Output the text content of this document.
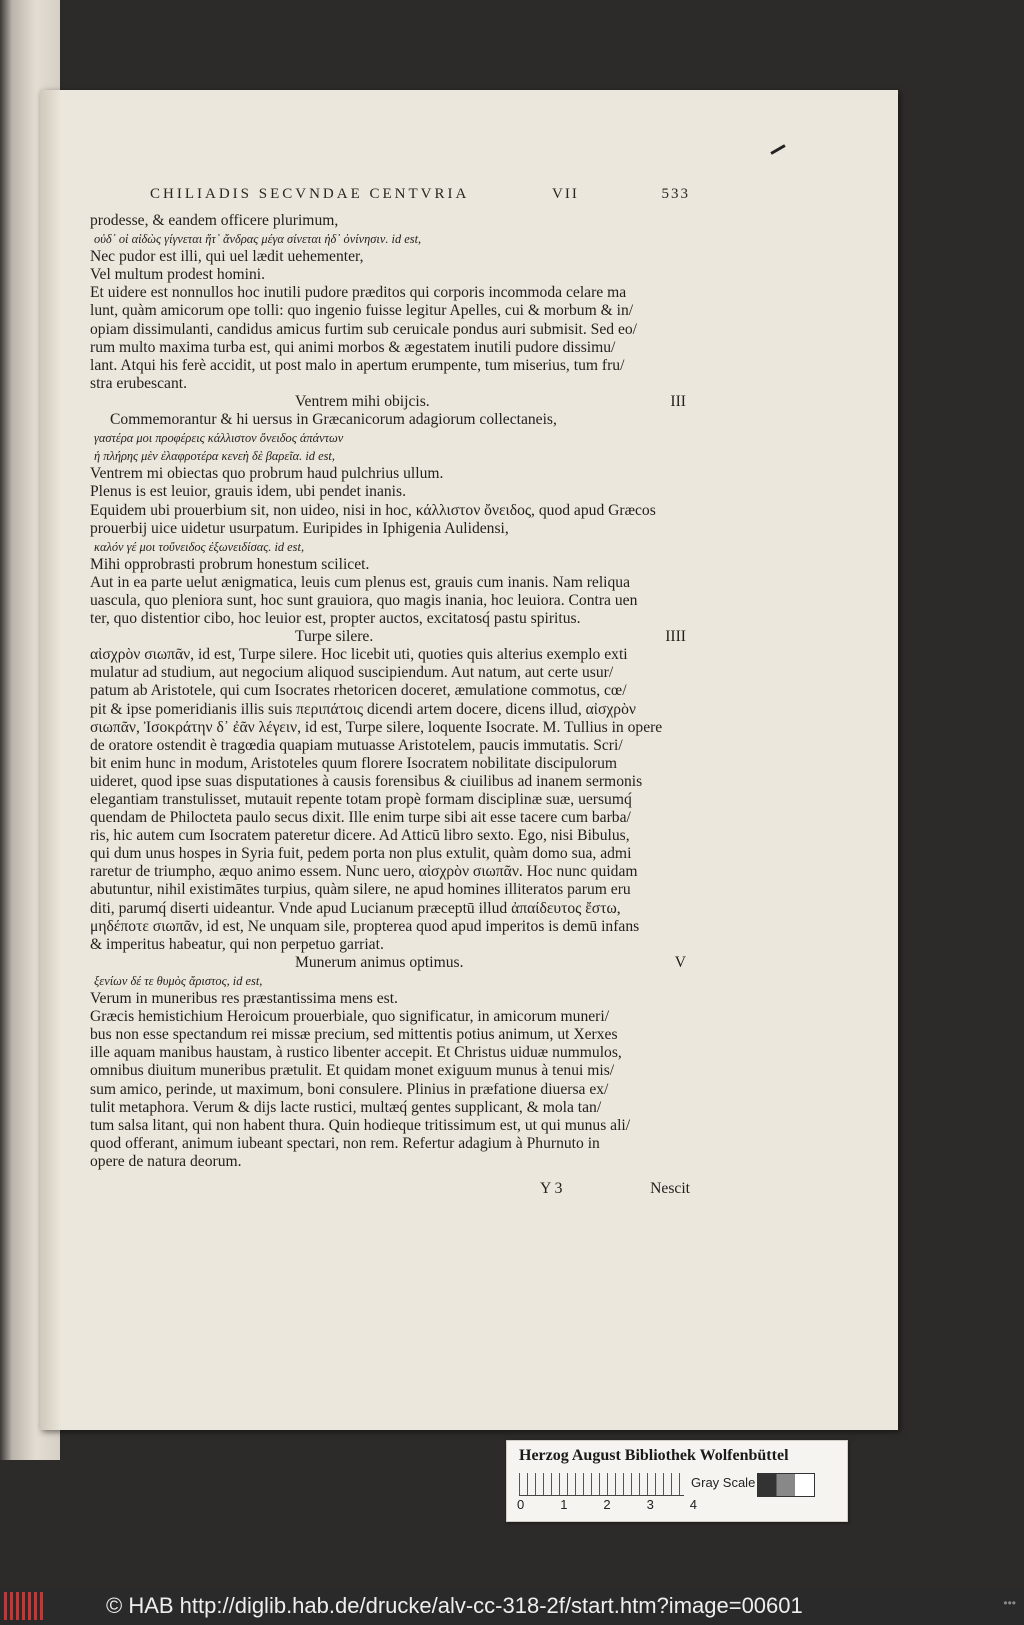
CHILIADIS SECVNDAE CENTVRIA	VII	533
prodesse, & eandem officere plurimum,
οὐδ᾽ οἱ αἰδὼς γίγνεται ἥτ᾽ ἄνδρας μέγα σίνεται ἠδ᾽ ὀνίνησιν. id est,
Nec pudor est illi, qui uel lædit uehementer,
Vel multum prodest homini.
Et uidere est nonnullos hoc inutili pudore præditos qui corporis incommoda celare ma
lunt, quàm amicorum ope tolli: quo ingenio fuisse legitur Apelles, cui & morbum & in/
opiam dissimulanti, candidus amicus furtim sub ceruicale pondus auri submisit. Sed eo/
rum multo maxima turba est, qui animi morbos & ægestatem inutili pudore dissimu/
lant. Atqui his ferè accidit, ut post malo in apertum erumpente, tum miserius, tum fru/
stra erubescant.
Ventrem mihi obijcis.	III
Commemorantur & hi uersus in Græcanicorum adagiorum collectaneis,
γαστέρα μοι προφέρεις κάλλιστον ὄνειδος ἁπάντων
ἡ πλήρης μὲν ἐλαφροτέρα κενεὴ δὲ βαρεῖα. id est,
Ventrem mi obiectas quo probrum haud pulchrius ullum.
Plenus is est leuior, grauis idem, ubi pendet inanis.
Equidem ubi prouerbium sit, non uideo, nisi in hoc, κάλλιστον ὄνειδος, quod apud Græcos
prouerbij uice uidetur usurpatum. Euripides in Iphigenia Aulidensi,
καλόν γέ μοι τοὔνειδος ἐξωνειδίσας. id est,
Mihi opprobrasti probrum honestum scilicet.
Aut in ea parte uelut ænigmatica, leuis cum plenus est, grauis cum inanis. Nam reliqua
uascula, quo pleniora sunt, hoc sunt grauiora, quo magis inania, hoc leuiora. Contra uen
ter, quo distentior cibo, hoc leuior est, propter auctos, excitatosq́ pastu spiritus.
Turpe silere.	IIII
αἰσχρὸν σιωπᾶν, id est, Turpe silere. Hoc licebit uti, quoties quis alterius exemplo exti
mulatur ad studium, aut negocium aliquod suscipiendum. Aut natum, aut certe usur/
patum ab Aristotele, qui cum Isocrates rhetoricen doceret, æmulatione commotus, cœ/
pit & ipse pomeridianis illis suis περιπάτοις dicendi artem docere, dicens illud, αἰσχρὸν
σιωπᾶν, Ἰσοκράτην δ᾽ ἐᾶν λέγειν, id est, Turpe silere, loquente Isocrate. M. Tullius in opere
de oratore ostendit è tragœdia quapiam mutuasse Aristotelem, paucis immutatis. Scri/
bit enim hunc in modum, Aristoteles quum florere Isocratem nobilitate discipulorum
uideret, quod ipse suas disputationes à causis forensibus & ciuilibus ad inanem sermonis
elegantiam transtulisset, mutauit repente totam propè formam disciplinæ suæ, uersumq́
quendam de Philocteta paulo secus dixit. Ille enim turpe sibi ait esse tacere cum barba/
ris, hic autem cum Isocratem pateretur dicere. Ad Atticū libro sexto. Ego, nisi Bibulus,
qui dum unus hospes in Syria fuit, pedem porta non plus extulit, quàm domo sua, admi
raretur de triumpho, æquo animo essem. Nunc uero, αἰσχρὸν σιωπᾶν. Hoc nunc quidam
abutuntur, nihil existimātes turpius, quàm silere, ne apud homines illiteratos parum eru
diti, parumq́ diserti uideantur. Vnde apud Lucianum præceptū illud ἀπαίδευτος ἔστω,
μηδέποτε σιωπᾶν, id est, Ne unquam sile, propterea quod apud imperitos is demū infans
& imperitus habeatur, qui non perpetuo garriat.
Munerum animus optimus.	V
ξενίων δέ τε θυμὸς ἄριστος, id est,
Verum in muneribus res præstantissima mens est.
Græcis hemistichium Heroicum prouerbiale, quo significatur, in amicorum muneri/
bus non esse spectandum rei missæ precium, sed mittentis potius animum, ut Xerxes
ille aquam manibus haustam, à rustico libenter accepit. Et Christus uiduæ nummulos,
omnibus diuitum muneribus prætulit. Et quidam monet exiguum munus à tenui mis/
sum amico, perinde, ut maximum, boni consulere. Plinius in præfatione diuersa ex/
tulit metaphora. Verum & dijs lacte rustici, multæq́ gentes supplicant, & mola tan/
tum salsa litant, qui non habent thura. Quin hodieque tritissimum est, ut qui munus ali/
quod offerant, animum iubeant spectari, non rem. Refertur adagium à Phurnuto in
opere de natura deorum.
Y 3	Nescit
Herzog August Bibliothek Wolfenbüttel
0	1	2	3	4
Gray Scale
© HAB http://diglib.hab.de/drucke/alv-cc-318-2f/start.htm?image=00601	•••
